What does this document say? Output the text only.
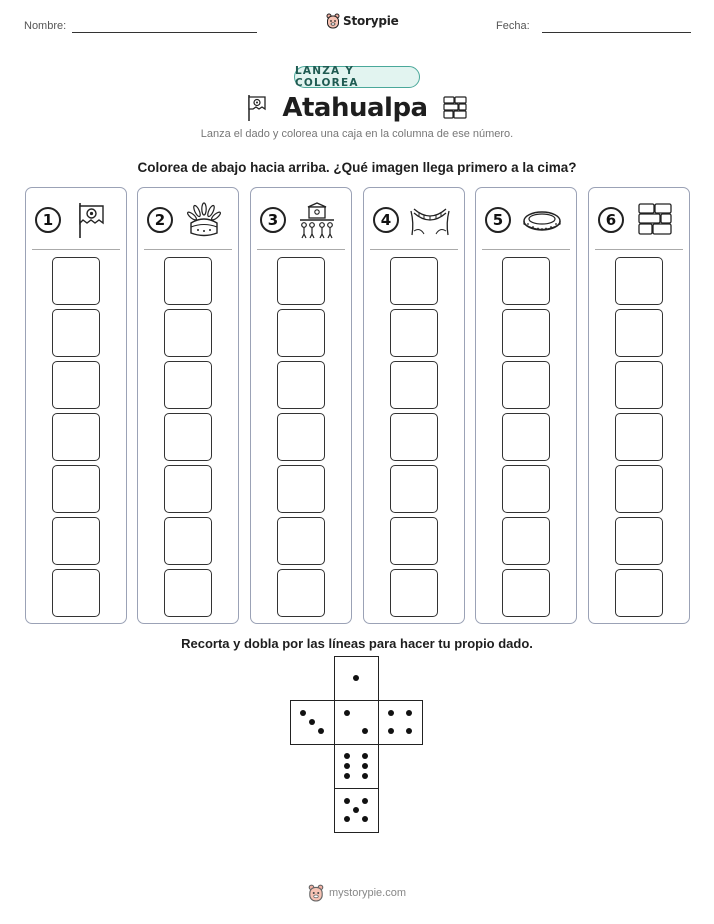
Nombre:	Storypie	Fecha:
LANZA Y COLOREA
Atahualpa
Lanza el dado y colorea una caja en la columna de ese número.
Colorea de abajo hacia arriba. ¿Qué imagen llega primero a la cima?
1	2	3	4	5	6
Recorta y dobla por las líneas para hacer tu propio dado.
mystorypie.com
